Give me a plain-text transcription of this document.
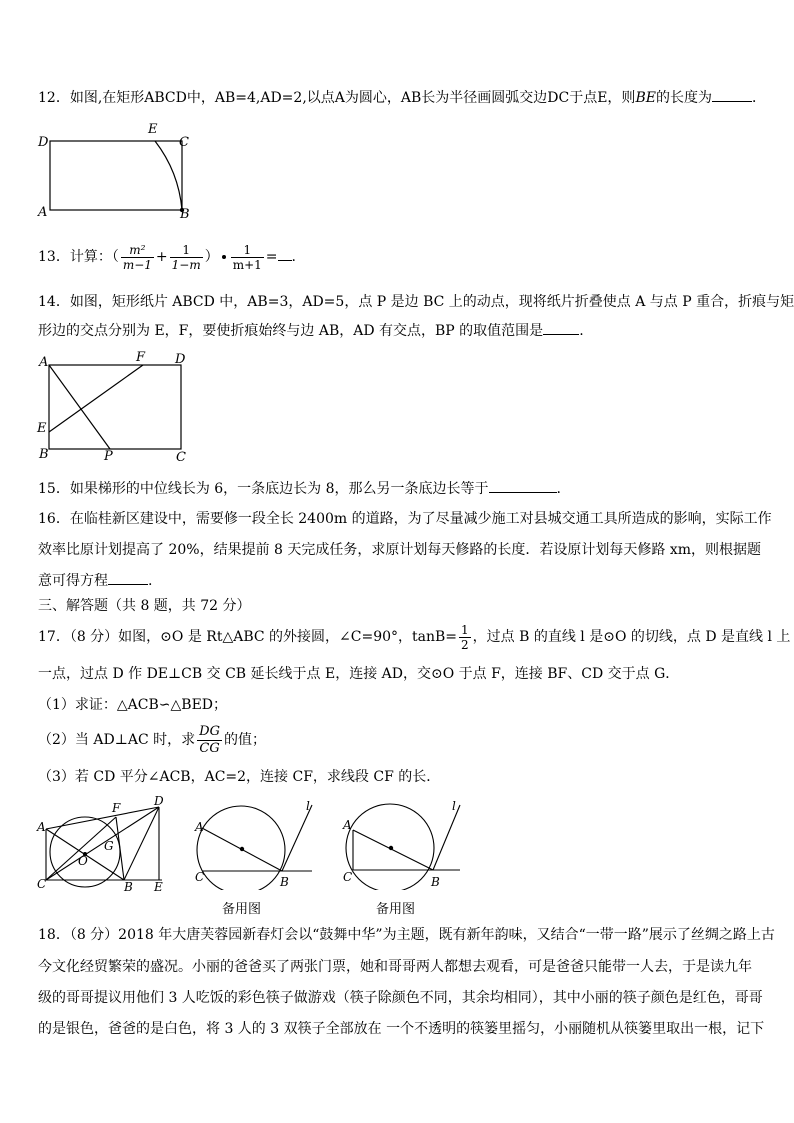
12．如图,在矩形ABCD中，AB=4,AD=2,以点A为圆心，AB长为半径画圆弧交边DC于点E，则BE的长度为	．
D
E
C
A	B
13．计算：（ $\frac{\text{m²}}{m-1} + \frac{1}{1-m}$ ） $\frac{1}{m+1}$ = .
14．如图，矩形纸片 ABCD 中，AB=3，AD=5，点 P 是边 BC 上的动点，现将纸片折叠使点 A 与点 P 重合，折痕与矩
形边的交点分别为 E，F，要使折痕始终与边 AB，AD 有交点，BP 的取值范围是	.
A	F D
E
B	P	C
15．如果梯形的中位线长为 6，一条底边长为 8，那么另一条底边长等于	.
16．在临桂新区建设中，需要修一段全长 2400m 的道路，为了尽量减少施工对县城交通工具所造成的影响，实际工作
效率比原计划提高了 20%，结果提前 8 天完成任务，求原计划每天修路的长度．若设原计划每天修路 xm，则根据题
意可得方程	.
三、解答题（共 8 题，共 72 分）
17．（8 分）如图，⊙O 是 Rt△ABC 的外接圆，∠C=90°，$\tan B= \frac{1}{2}$ ，过点 B 的直线 l 是⊙O 的切线，点 D 是直线 l 上
一点，过点 D 作 DE⊥CB 交 CB 延长线于点 E，连接 AD，交⊙O 于点 F，连接 BF、CD 交于点 G．
（1）求证：△ACB∽△BED；
（2）当 AD⊥AC 时，求 $\frac{DG}{CG}$ 的值；
（3）若 CD 平分∠ACB，AC=2，连接 CF，求线段 CF 的长．
D
F
A
G
O
C	B E
l
A
C	B
备用图
l
A
C	B
备用图
18．（8 分）2018 年大唐芙蓉园新春灯会以“鼓舞中华”为主题，既有新年韵味，又结合“一带一路”展示了丝绸之路上古
今文化经贸繁荣的盛况。小丽的爸爸买了两张门票，她和哥哥两人都想去观看，可是爸爸只能带一人去，于是读九年
级的哥哥提议用他们 3 人吃饭的彩色筷子做游戏（筷子除颜色不同，其余均相同），其中小丽的筷子颜色是红色，哥哥
的是银色，爸爸的是白色，将 3 人的 3 双筷子全部放在 一个不透明的筷篓里摇匀，小丽随机从筷篓里取出一根，记下
